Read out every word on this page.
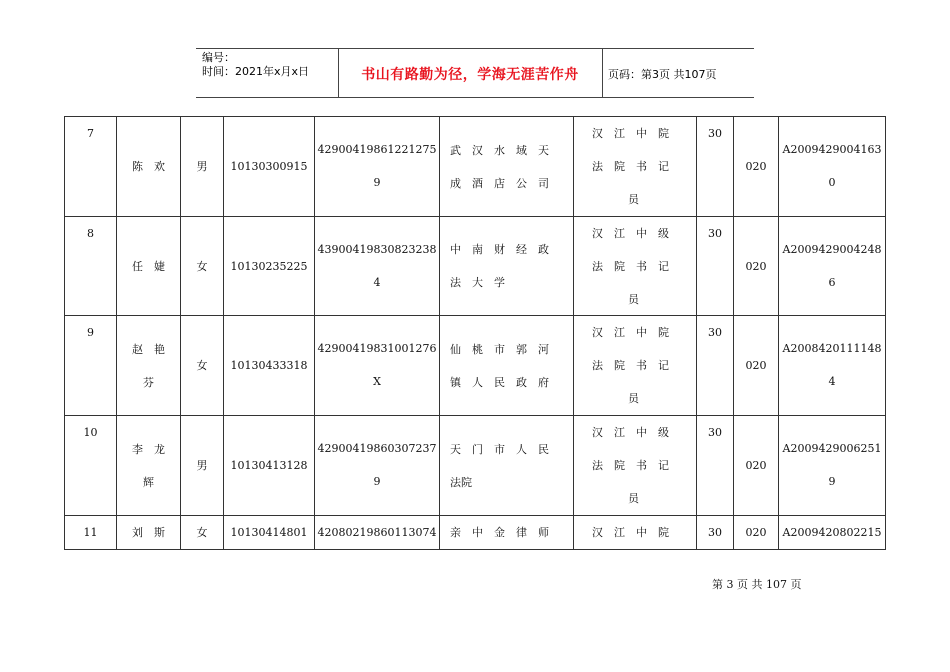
编号：
时间：2021年x月x日	书山有路勤为径，学海无涯苦作舟	页码：第3页 共107页
7	陈　欢	男	10130300915	429004198612212759	武　汉　水　域　天
成　酒　店　公　司	汉　江　中　院
法　院　书　记
员	30	020	A20094290041630

8	任　婕	女	10130235225	439004198308232384	中　南　财　经　政
法　大　学	汉　江　中　级
法　院　书　记
员	30	020	A20094290042486

9	赵　艳
芬	女	10130433318	42900419831001276X	仙　桃　市　郭　河
镇　人　民　政　府	汉　江　中　院
法　院　书　记
员	30	020	A20084201111484

10	李　龙
辉	男	10130413128	429004198603072379	天　门　市　人　民
法院	汉　江　中　级
法　院　书　记
员	30	020	A20094290062519

11	刘　斯	女	10130414801	42080219860113074	亲　中　金　律　师	汉　江　中　院	30	020	A2009420802215
第 3 页 共 107 页
